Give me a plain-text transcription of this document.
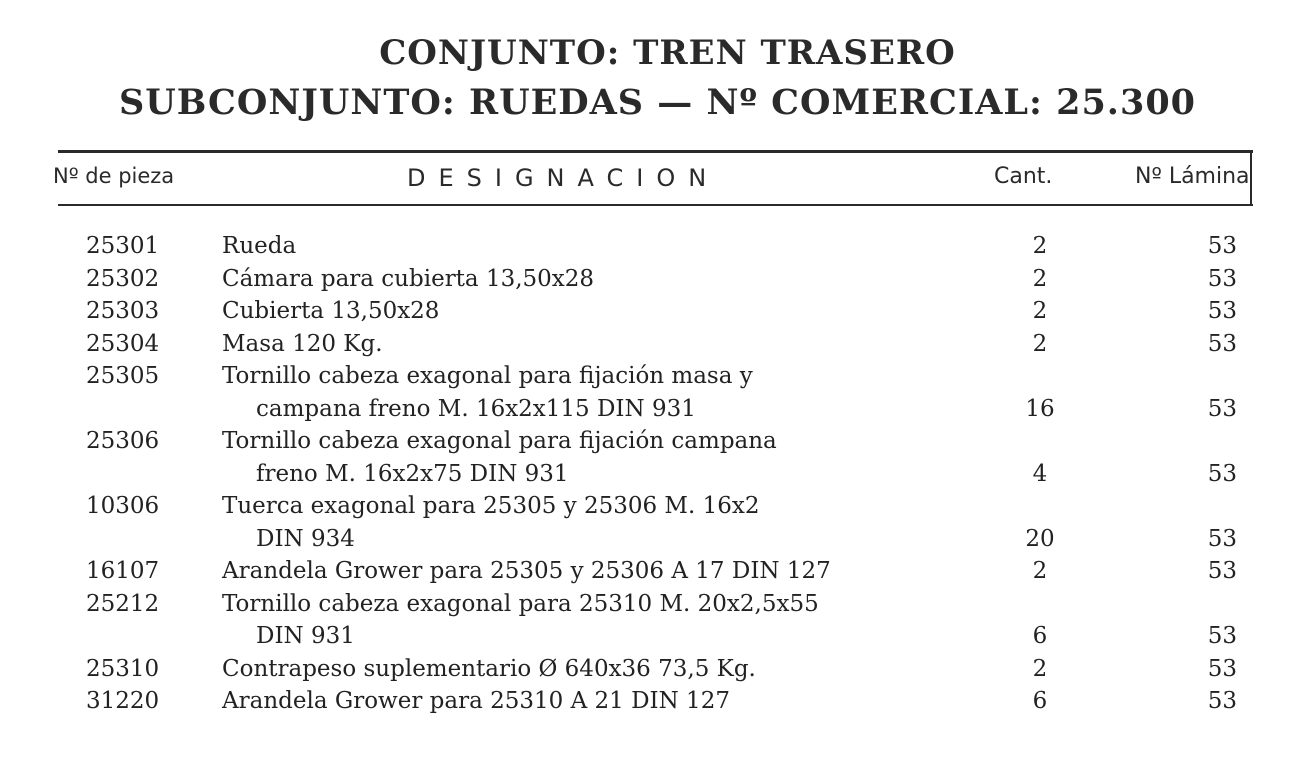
CONJUNTO: TREN TRASERO
SUBCONJUNTO: RUEDAS — Nº COMERCIAL: 25.300
Nº de pieza	DESIGNACION	Cant.	Nº Lámina
25301	Rueda	2	53
25302	Cámara para cubierta 13,50x28	2	53
25303	Cubierta 13,50x28	2	53
25304	Masa 120 Kg.	2	53
25305	Tornillo cabeza exagonal para fijación masa y
campana freno M. 16x2x115 DIN 931	16	53
25306	Tornillo cabeza exagonal para fijación campana
freno M. 16x2x75 DIN 931	4	53
10306	Tuerca exagonal para 25305 y 25306 M. 16x2
DIN 934	20	53
16107	Arandela Grower para 25305 y 25306 A 17 DIN 127	2	53
25212	Tornillo cabeza exagonal para 25310 M. 20x2,5x55
DIN 931	6	53
25310	Contrapeso suplementario Ø 640x36 73,5 Kg.	2	53
31220	Arandela Grower para 25310 A 21 DIN 127	6	53
